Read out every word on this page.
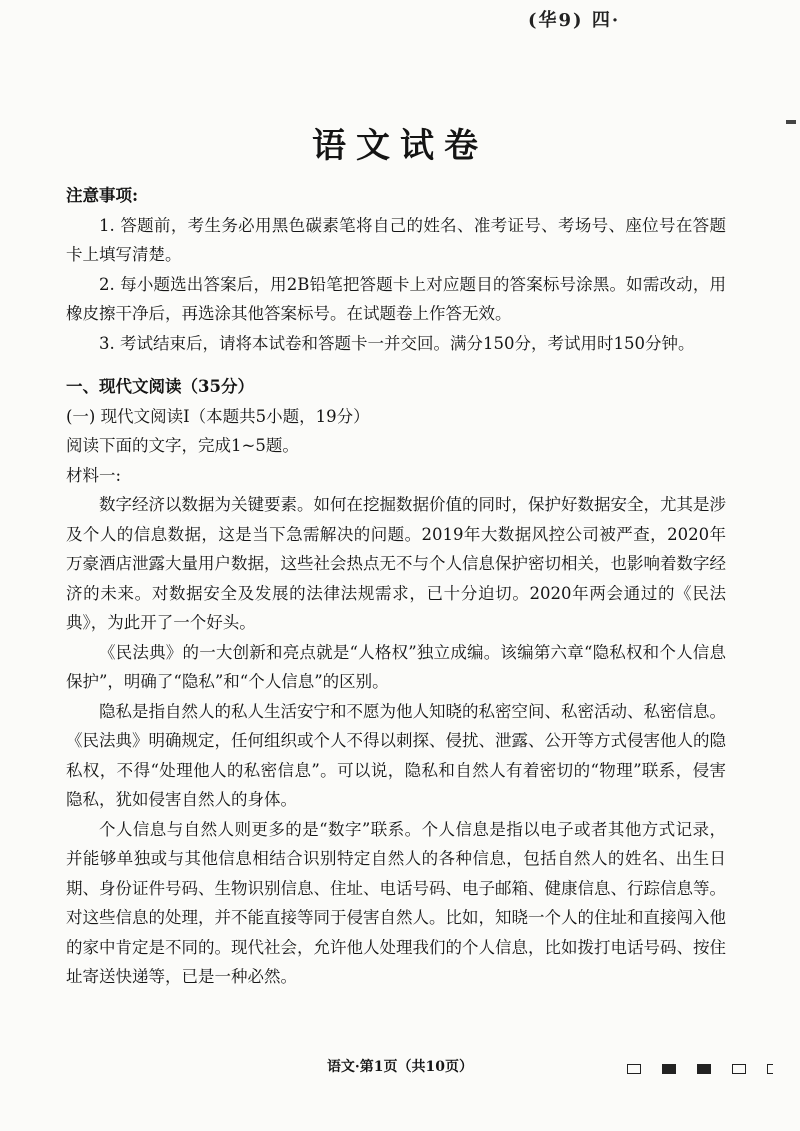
(华9) 四·
语文试卷

注意事项:

1. 答题前，考生务必用黑色碳素笔将自己的姓名、准考证号、考场号、座位号在答题卡上填写清楚。

2. 每小题选出答案后，用2B铅笔把答题卡上对应题目的答案标号涂黑。如需改动，用橡皮擦干净后，再选涂其他答案标号。在试题卷上作答无效。

3. 考试结束后，请将本试卷和答题卡一并交回。满分150分，考试用时150分钟。

一、现代文阅读（35分）

(一) 现代文阅读Ⅰ（本题共5小题，19分）

阅读下面的文字，完成1~5题。

材料一:

数字经济以数据为关键要素。如何在挖掘数据价值的同时，保护好数据安全，尤其是涉及个人的信息数据，这是当下急需解决的问题。2019年大数据风控公司被严查，2020年万豪酒店泄露大量用户数据，这些社会热点无不与个人信息保护密切相关，也影响着数字经济的未来。对数据安全及发展的法律法规需求，已十分迫切。2020年两会通过的《民法典》，为此开了一个好头。

《民法典》的一大创新和亮点就是“人格权”独立成编。该编第六章“隐私权和个人信息保护”，明确了“隐私”和“个人信息”的区别。

隐私是指自然人的私人生活安宁和不愿为他人知晓的私密空间、私密活动、私密信息。《民法典》明确规定，任何组织或个人不得以刺探、侵扰、泄露、公开等方式侵害他人的隐私权，不得“处理他人的私密信息”。可以说，隐私和自然人有着密切的“物理”联系，侵害隐私，犹如侵害自然人的身体。

个人信息与自然人则更多的是“数字”联系。个人信息是指以电子或者其他方式记录，并能够单独或与其他信息相结合识别特定自然人的各种信息，包括自然人的姓名、出生日期、身份证件号码、生物识别信息、住址、电话号码、电子邮箱、健康信息、行踪信息等。对这些信息的处理，并不能直接等同于侵害自然人。比如，知晓一个人的住址和直接闯入他的家中肯定是不同的。现代社会，允许他人处理我们的个人信息，比如拨打电话号码、按住址寄送快递等，已是一种必然。

语文·第1页（共10页）
